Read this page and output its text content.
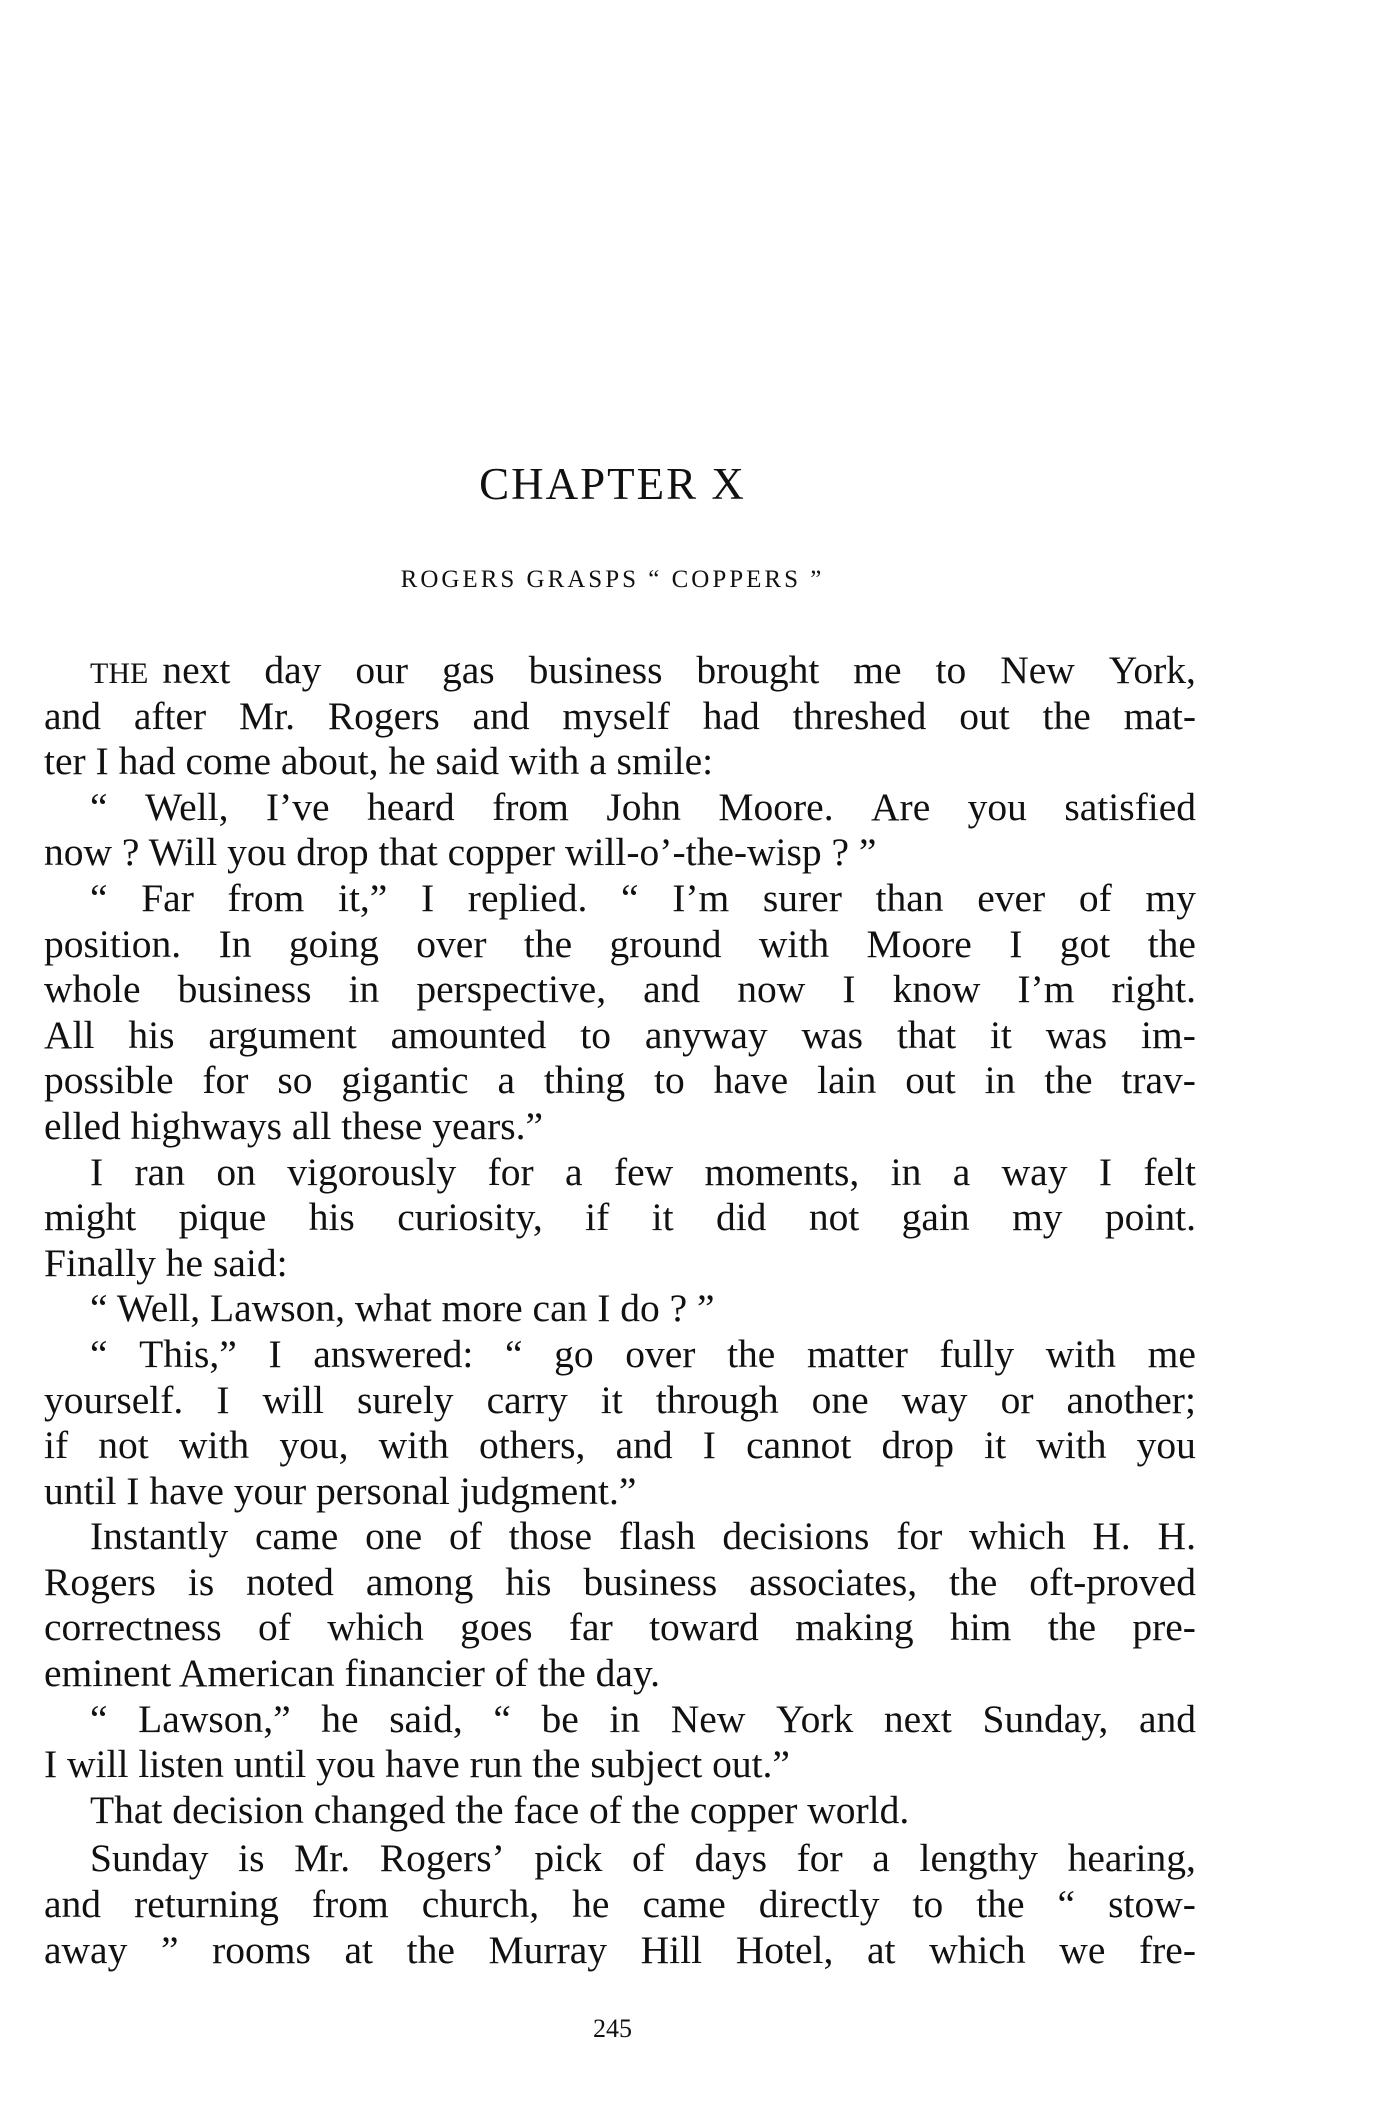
CHAPTER X
ROGERS GRASPS “ COPPERS ”
THE next day our gas business brought me to New York,
and after Mr. Rogers and myself had threshed out the mat-
ter I had come about, he said with a smile:
“ Well, I’ve heard from John Moore. Are you satisfied
now ? Will you drop that copper will-o’-the-wisp ? ”
“ Far from it,” I replied. “ I’m surer than ever of my
position. In going over the ground with Moore I got the
whole business in perspective, and now I know I’m right.
All his argument amounted to anyway was that it was im-
possible for so gigantic a thing to have lain out in the trav-
elled highways all these years.”
I ran on vigorously for a few moments, in a way I felt
might pique his curiosity, if it did not gain my point.
Finally he said:
“ Well, Lawson, what more can I do ? ”
“ This,” I answered: “ go over the matter fully with me
yourself. I will surely carry it through one way or another;
if not with you, with others, and I cannot drop it with you
until I have your personal judgment.”
Instantly came one of those flash decisions for which H. H.
Rogers is noted among his business associates, the oft-proved
correctness of which goes far toward making him the pre-
eminent American financier of the day.
“ Lawson,” he said, “ be in New York next Sunday, and
I will listen until you have run the subject out.”
That decision changed the face of the copper world.
Sunday is Mr. Rogers’ pick of days for a lengthy hearing,
and returning from church, he came directly to the “ stow-
away ” rooms at the Murray Hill Hotel, at which we fre-

245
